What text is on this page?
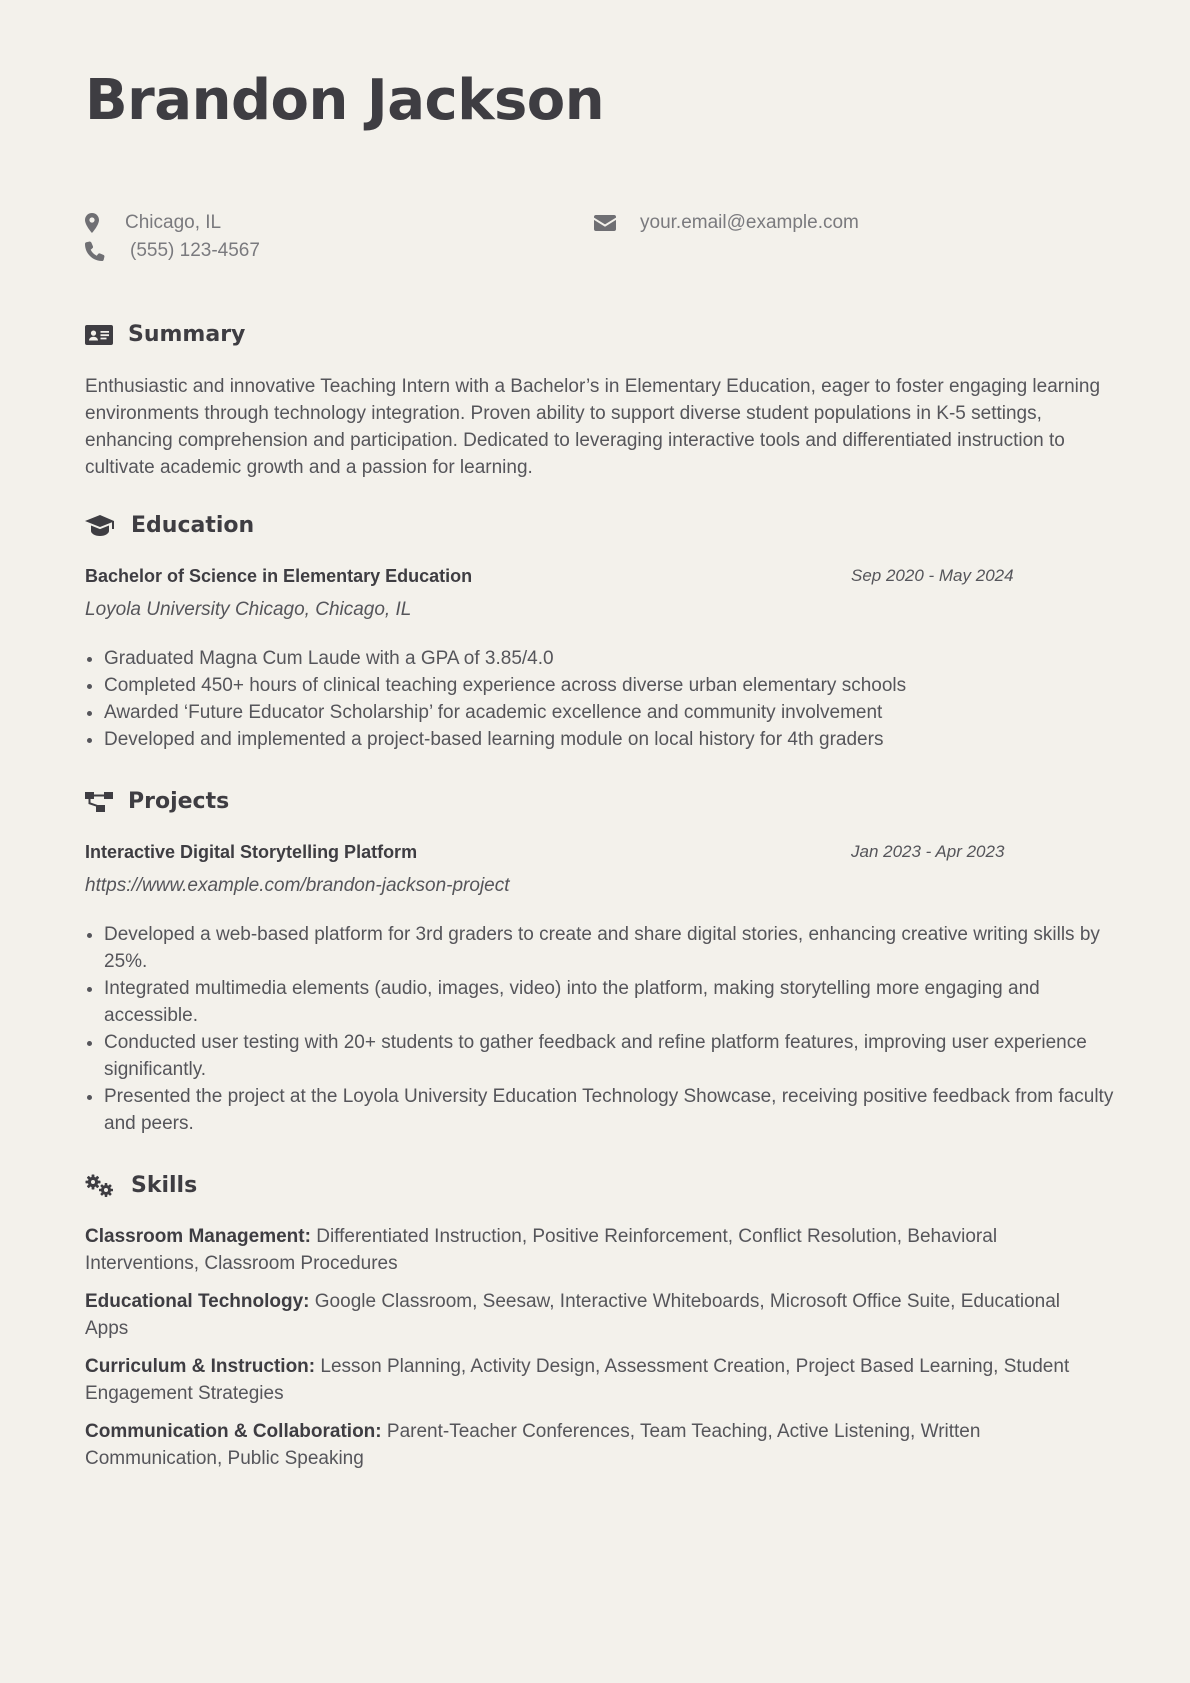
Brandon Jackson
Chicago, IL	your.email@example.com
(555) 123-4567
Summary

Enthusiastic and innovative Teaching Intern with a Bachelor’s in Elementary Education, eager to foster engaging learning environments through technology integration. Proven ability to support diverse student populations in K-5 settings, enhancing comprehension and participation. Dedicated to leveraging interactive tools and differentiated instruction to cultivate academic growth and a passion for learning.

Education
Bachelor of Science in Elementary Education	Sep 2020 - May 2024
Loyola University Chicago, Chicago, IL
• Graduated Magna Cum Laude with a GPA of 3.85/4.0
• Completed 450+ hours of clinical teaching experience across diverse urban elementary schools
• Awarded ‘Future Educator Scholarship’ for academic excellence and community involvement
• Developed and implemented a project-based learning module on local history for 4th graders
Projects
Interactive Digital Storytelling Platform	Jan 2023 - Apr 2023
https://www.example.com/brandon-jackson-project
• Developed a web-based platform for 3rd graders to create and share digital stories, enhancing creative writing skills by 25%.
• Integrated multimedia elements (audio, images, video) into the platform, making storytelling more engaging and accessible.
• Conducted user testing with 20+ students to gather feedback and refine platform features, improving user experience significantly.
• Presented the project at the Loyola University Education Technology Showcase, receiving positive feedback from faculty and peers.
Skills

Classroom Management: Differentiated Instruction, Positive Reinforcement, Conflict Resolution, Behavioral Interventions, Classroom Procedures

Educational Technology: Google Classroom, Seesaw, Interactive Whiteboards, Microsoft Office Suite, Educational Apps

Curriculum & Instruction: Lesson Planning, Activity Design, Assessment Creation, Project Based Learning, Student Engagement Strategies

Communication & Collaboration: Parent-Teacher Conferences, Team Teaching, Active Listening, Written Communication, Public Speaking
